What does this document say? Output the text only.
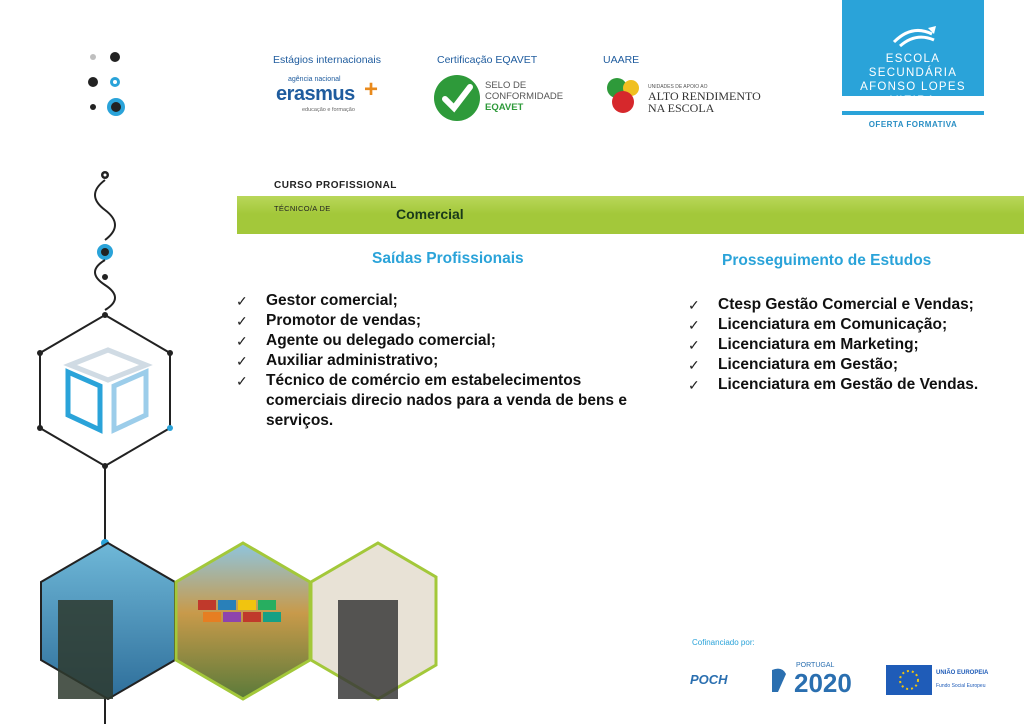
Estágios internacionais	Certificação EQAVET	UAARE
agência nacional
erasmus +
educação e formação
SELO DE
CONFORMIDADE
EQAVET
UNIDADES DE APOIO AO
ALTO RENDIMENTO
NA ESCOLA
ESCOLA SECUNDÁRIA
AFONSO LOPES VIEIRA
OFERTA FORMATIVA
CURSO PROFISSIONAL
TÉCNICO/A DE	Comercial
Saídas Profissionais
✓ Gestor comercial;
✓ Promotor de vendas;
✓ Agente ou delegado comercial;
✓ Auxiliar administrativo;
✓ Técnico de comércio em estabelecimentos comerciais direcio nados para a venda de bens e serviços.
Prosseguimento de Estudos
✓ Ctesp Gestão Comercial e Vendas;
✓ Licenciatura em Comunicação;
✓ Licenciatura em Marketing;
✓ Licenciatura em Gestão;
✓ Licenciatura em Gestão de Vendas.
Cofinanciado por:
POCH
PORTUGAL
2020	UNIÃO EUROPEIA
Fundo Social Europeu
